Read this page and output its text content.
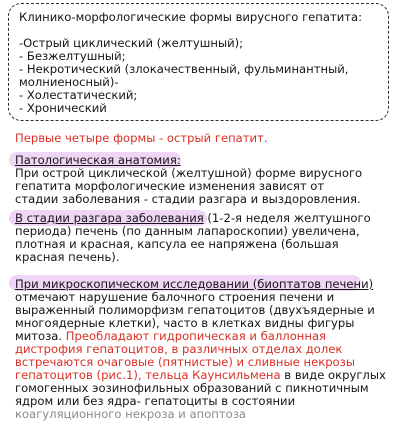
Клинико-морфологические формы вирусного гепатита:
-Острый циклический (желтушный);
- Безжелтушный;
- Некротический (злокачественный, фульминантный,
молниеносный)-
- Холестатический;
- Хронический
Первые четыре формы - острый гепатит.
Патологическая анатомия:
При острой циклической (желтушной) форме вирусного
гепатита морфологические изменения зависят от
стадии заболевания - стадии разгара и выздоровления.
В стадии разгара заболевания (1-2-я неделя желтушного
периода) печень (по данным лапароскопии) увеличена,
плотная и красная, капсула ее напряжена (большая
красная печень).
При микроскопическом исследовании (биоптатов печени)
отмечают нарушение балочного строения печени и
выраженный полиморфизм гепатоцитов (двухъядерные и
многоядерные клетки), часто в клетках видны фигуры
митоза. Преобладают гидропическая и баллонная
дистрофия гепатоцитов, в различных отделах долек
встречаются очаговые (пятнистые) и сливные некрозы
гепатоцитов (рис.1), тельца Каунсильмена в виде округлых
гомогенных эозинофильных образований с пикнотичным
ядром или без ядра- гепатоциты в состоянии
коагуляционного некроза и апоптоза
